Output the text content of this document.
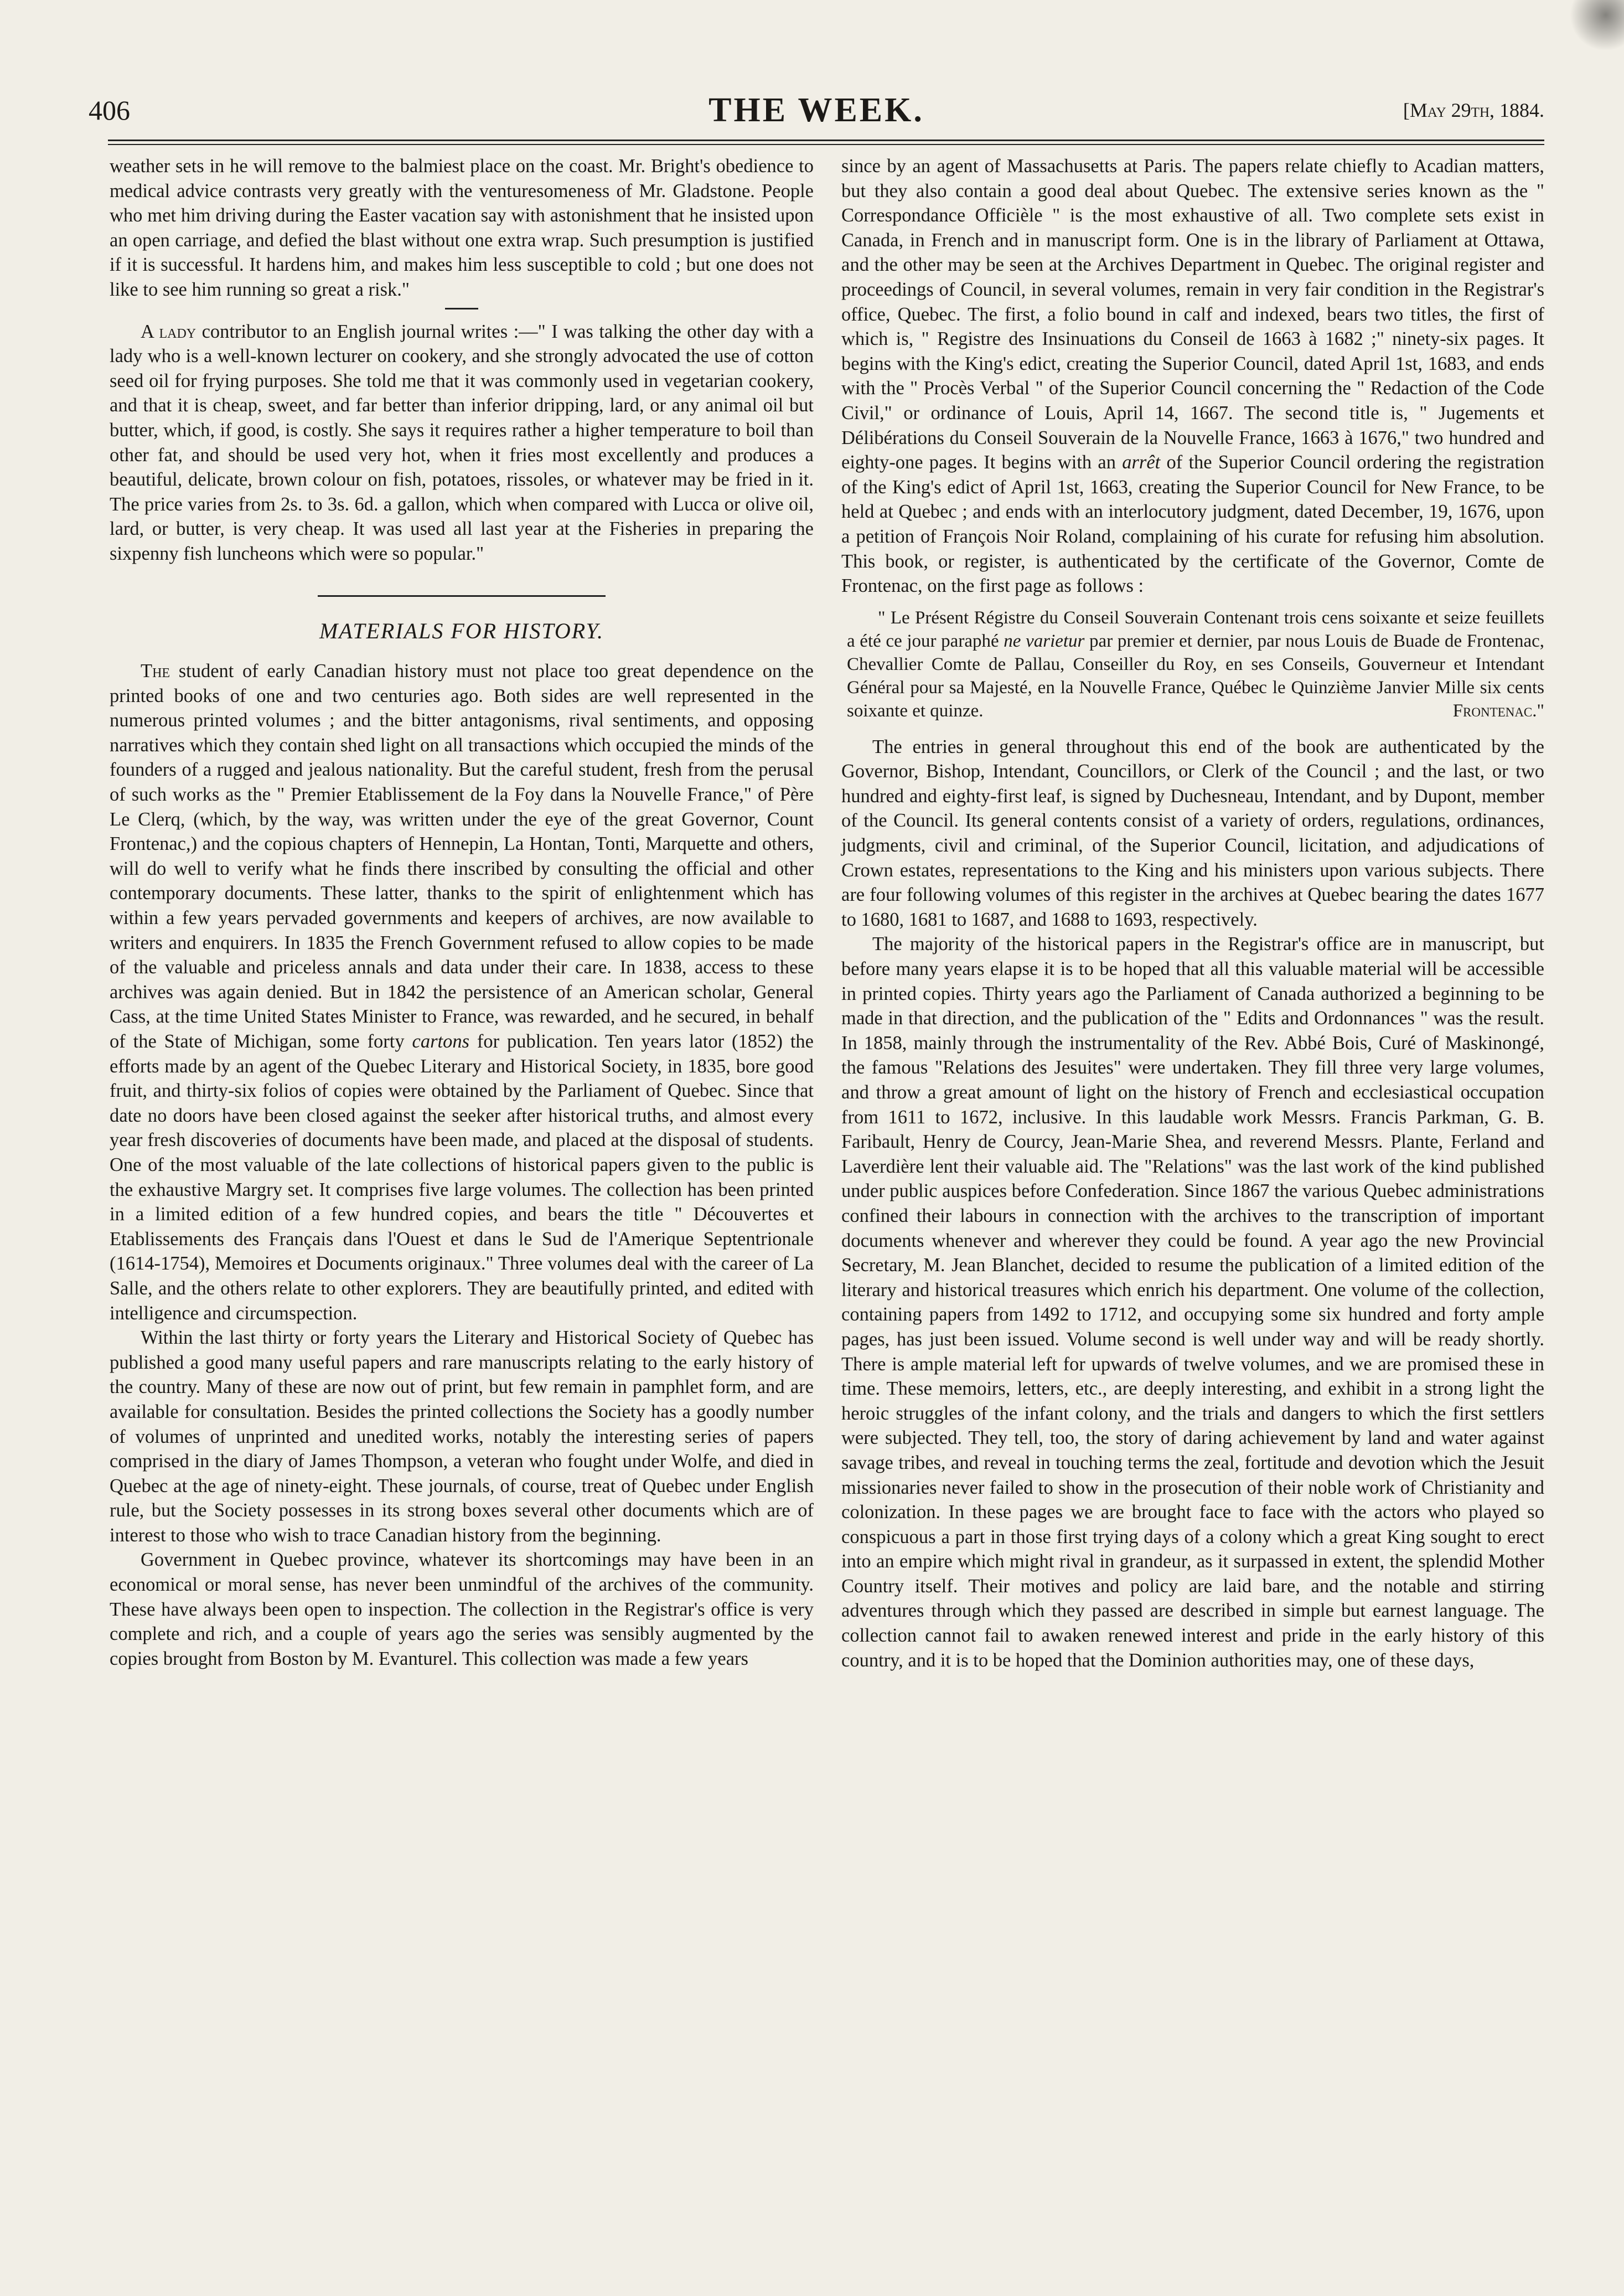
406	THE WEEK.	[May 29th, 1884.

weather sets in he will remove to the balmiest place on the coast. Mr. Bright's obedience to medical advice contrasts very greatly with the venturesomeness of Mr. Gladstone. People who met him driving during the Easter vacation say with astonishment that he insisted upon an open carriage, and defied the blast without one extra wrap. Such presumption is justified if it is successful. It hardens him, and makes him less susceptible to cold ; but one does not like to see him running so great a risk."

A lady contributor to an English journal writes :—" I was talking the other day with a lady who is a well-known lecturer on cookery, and she strongly advocated the use of cotton seed oil for frying purposes. She told me that it was commonly used in vegetarian cookery, and that it is cheap, sweet, and far better than inferior dripping, lard, or any animal oil but butter, which, if good, is costly. She says it requires rather a higher temperature to boil than other fat, and should be used very hot, when it fries most excellently and produces a beautiful, delicate, brown colour on fish, potatoes, rissoles, or whatever may be fried in it. The price varies from 2s. to 3s. 6d. a gallon, which when compared with Lucca or olive oil, lard, or butter, is very cheap. It was used all last year at the Fisheries in preparing the sixpenny fish luncheons which were so popular."

MATERIALS FOR HISTORY.

The student of early Canadian history must not place too great dependence on the printed books of one and two centuries ago. Both sides are well represented in the numerous printed volumes ; and the bitter antagonisms, rival sentiments, and opposing narratives which they contain shed light on all transactions which occupied the minds of the founders of a rugged and jealous nationality. But the careful student, fresh from the perusal of such works as the " Premier Etablissement de la Foy dans la Nouvelle France," of Père Le Clerq, (which, by the way, was written under the eye of the great Governor, Count Frontenac,) and the copious chapters of Hennepin, La Hontan, Tonti, Marquette and others, will do well to verify what he finds there inscribed by consulting the official and other contemporary documents. These latter, thanks to the spirit of enlightenment which has within a few years pervaded governments and keepers of archives, are now available to writers and enquirers. In 1835 the French Government refused to allow copies to be made of the valuable and priceless annals and data under their care. In 1838, access to these archives was again denied. But in 1842 the persistence of an American scholar, General Cass, at the time United States Minister to France, was rewarded, and he secured, in behalf of the State of Michigan, some forty cartons for publication. Ten years lator (1852) the efforts made by an agent of the Quebec Literary and Historical Society, in 1835, bore good fruit, and thirty-six folios of copies were obtained by the Parliament of Quebec. Since that date no doors have been closed against the seeker after historical truths, and almost every year fresh discoveries of documents have been made, and placed at the disposal of students. One of the most valuable of the late collections of historical papers given to the public is the exhaustive Margry set. It comprises five large volumes. The collection has been printed in a limited edition of a few hundred copies, and bears the title " Découvertes et Etablissements des Français dans l'Ouest et dans le Sud de l'Amerique Septentrionale (1614-1754), Memoires et Documents originaux." Three volumes deal with the career of La Salle, and the others relate to other explorers. They are beautifully printed, and edited with intelligence and circumspection.

Within the last thirty or forty years the Literary and Historical Society of Quebec has published a good many useful papers and rare manuscripts relating to the early history of the country. Many of these are now out of print, but few remain in pamphlet form, and are available for consultation. Besides the printed collections the Society has a goodly number of volumes of unprinted and unedited works, notably the interesting series of papers comprised in the diary of James Thompson, a veteran who fought under Wolfe, and died in Quebec at the age of ninety-eight. These journals, of course, treat of Quebec under English rule, but the Society possesses in its strong boxes several other documents which are of interest to those who wish to trace Canadian history from the beginning.

Government in Quebec province, whatever its shortcomings may have been in an economical or moral sense, has never been unmindful of the archives of the community. These have always been open to inspection. The collection in the Registrar's office is very complete and rich, and a couple of years ago the series was sensibly augmented by the copies brought from Boston by M. Evanturel. This collection was made a few years

since by an agent of Massachusetts at Paris. The papers relate chiefly to Acadian matters, but they also contain a good deal about Quebec. The extensive series known as the " Correspondance Officièle " is the most exhaustive of all. Two complete sets exist in Canada, in French and in manuscript form. One is in the library of Parliament at Ottawa, and the other may be seen at the Archives Department in Quebec. The original register and proceedings of Council, in several volumes, remain in very fair condition in the Registrar's office, Quebec. The first, a folio bound in calf and indexed, bears two titles, the first of which is, " Registre des Insinuations du Conseil de 1663 à 1682 ;" ninety-six pages. It begins with the King's edict, creating the Superior Council, dated April 1st, 1683, and ends with the " Procès Verbal " of the Superior Council concerning the " Redaction of the Code Civil," or ordinance of Louis, April 14, 1667. The second title is, " Jugements et Délibérations du Conseil Souverain de la Nouvelle France, 1663 à 1676," two hundred and eighty-one pages. It begins with an arrêt of the Superior Council ordering the registration of the King's edict of April 1st, 1663, creating the Superior Council for New France, to be held at Quebec ; and ends with an interlocutory judgment, dated December, 19, 1676, upon a petition of François Noir Roland, complaining of his curate for refusing him absolution. This book, or register, is authenticated by the certificate of the Governor, Comte de Frontenac, on the first page as follows :

" Le Présent Régistre du Conseil Souverain Contenant trois cens soixante et seize feuillets a été ce jour paraphé ne varietur par premier et dernier, par nous Louis de Buade de Frontenac, Chevallier Comte de Pallau, Conseiller du Roy, en ses Conseils, Gouverneur et Intendant Général pour sa Majesté, en la Nouvelle France, Québec le Quinzième Janvier Mille six cents soixante et quinze.	Frontenac."

The entries in general throughout this end of the book are authenticated by the Governor, Bishop, Intendant, Councillors, or Clerk of the Council ; and the last, or two hundred and eighty-first leaf, is signed by Duchesneau, Intendant, and by Dupont, member of the Council. Its general contents consist of a variety of orders, regulations, ordinances, judgments, civil and criminal, of the Superior Council, licitation, and adjudications of Crown estates, representations to the King and his ministers upon various subjects. There are four following volumes of this register in the archives at Quebec bearing the dates 1677 to 1680, 1681 to 1687, and 1688 to 1693, respectively.

The majority of the historical papers in the Registrar's office are in manuscript, but before many years elapse it is to be hoped that all this valuable material will be accessible in printed copies. Thirty years ago the Parliament of Canada authorized a beginning to be made in that direction, and the publication of the " Edits and Ordonnances " was the result. In 1858, mainly through the instrumentality of the Rev. Abbé Bois, Curé of Maskinongé, the famous "Relations des Jesuites" were undertaken. They fill three very large volumes, and throw a great amount of light on the history of French and ecclesiastical occupation from 1611 to 1672, inclusive. In this laudable work Messrs. Francis Parkman, G. B. Faribault, Henry de Courcy, Jean-Marie Shea, and reverend Messrs. Plante, Ferland and Laverdière lent their valuable aid. The "Relations" was the last work of the kind published under public auspices before Confederation. Since 1867 the various Quebec administrations confined their labours in connection with the archives to the transcription of important documents whenever and wherever they could be found. A year ago the new Provincial Secretary, M. Jean Blanchet, decided to resume the publication of a limited edition of the literary and historical treasures which enrich his department. One volume of the collection, containing papers from 1492 to 1712, and occupying some six hundred and forty ample pages, has just been issued. Volume second is well under way and will be ready shortly. There is ample material left for upwards of twelve volumes, and we are promised these in time. These memoirs, letters, etc., are deeply interesting, and exhibit in a strong light the heroic struggles of the infant colony, and the trials and dangers to which the first settlers were subjected. They tell, too, the story of daring achievement by land and water against savage tribes, and reveal in touching terms the zeal, fortitude and devotion which the Jesuit missionaries never failed to show in the prosecution of their noble work of Christianity and colonization. In these pages we are brought face to face with the actors who played so conspicuous a part in those first trying days of a colony which a great King sought to erect into an empire which might rival in grandeur, as it surpassed in extent, the splendid Mother Country itself. Their motives and policy are laid bare, and the notable and stirring adventures through which they passed are described in simple but earnest language. The collection cannot fail to awaken renewed interest and pride in the early history of this country, and it is to be hoped that the Dominion authorities may, one of these days,
